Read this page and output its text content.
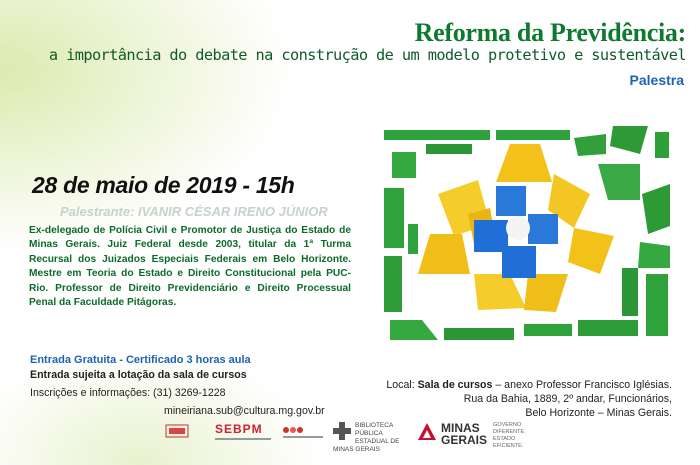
Reforma da Previdência:
a importância do debate na construção de um modelo protetivo e sustentável
Palestra
28 de maio de 2019 - 15h
Palestrante: IVANIR CÉSAR IRENO JÚNIOR
Ex-delegado de Polícia Civil e Promotor de Justiça do Estado de Minas Gerais. Juiz Federal desde 2003, titular da 1ª Turma Recursal dos Juizados Especiais Federais em Belo Horizonte. Mestre em Teoria do Estado e Direito Constitucional pela PUC-Rio. Professor de Direito Previdenciário e Direito Processual Penal da Faculdade Pitágoras.
Entrada Gratuita - Certificado 3 horas aula
Entrada sujeita a lotação da sala de cursos
Inscrições e informações: (31) 3269-1228
mineiriana.sub@cultura.mg.gov.br
Local: Sala de cursos – anexo Professor Francisco Iglésias.
Rua da Bahia, 1889, 2º andar, Funcionários,
Belo Horizonte – Minas Gerais.
SEBPM	BIBLIOTECA PÚBLICA ESTADUAL DE MINAS GERAIS
MINAS
GERAIS
GOVERNO DIFERENTE. ESTADO EFICIENTE.
